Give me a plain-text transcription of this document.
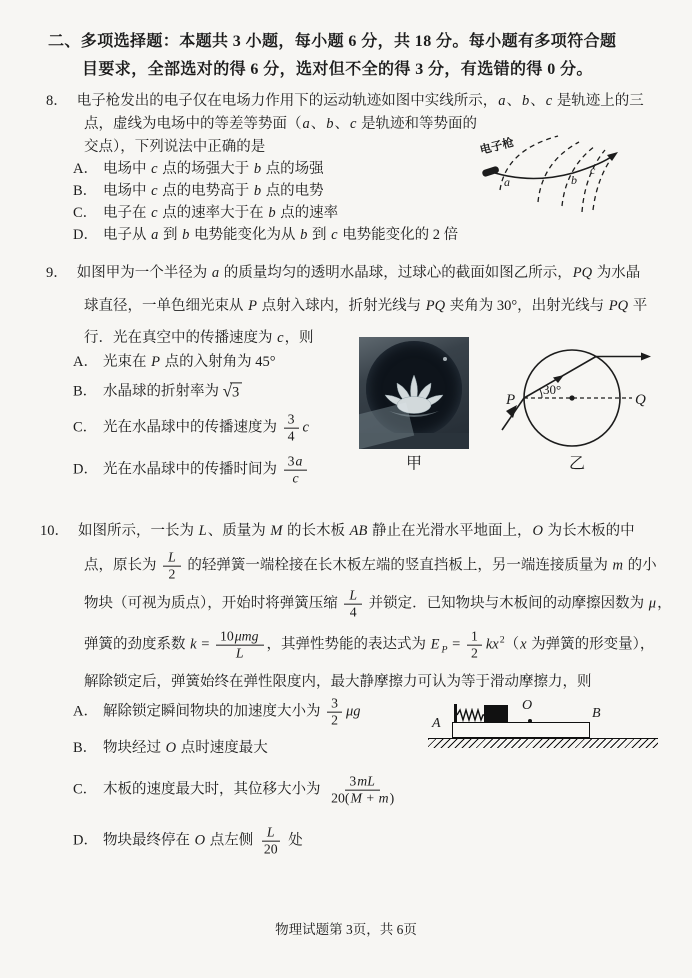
二、多项选择题：本题共 3 小题，每小题 6 分，共 18 分。每小题有多项符合题
目要求，全部选对的得 6 分，选对但不全的得 3 分，有选错的得 0 分。
8． 电子枪发出的电子仅在电场力作用下的运动轨迹如图中实线所示，a、b、c 是轨迹上的三
点，虚线为电场中的等差等势面（a、b、c 是轨迹和等势面的
交点），下列说法中正确的是
A． 电场中 c 点的场强大于 b 点的场强
B． 电场中 c 点的电势高于 b 点的电势
C． 电子在 c 点的速率大于在 b 点的速率
D． 电子从 a 到 b 电势能变化为从 b 到 c 电势能变化的 2 倍
电子枪
a	b
c
9． 如图甲为一个半径为 a 的质量均匀的透明水晶球，过球心的截面如图乙所示，PQ 为水晶
球直径，一单色细光束从 P 点射入球内，折射光线与 PQ 夹角为 30°，出射光线与 PQ 平
行．光在真空中的传播速度为 c，则
A． 光束在 P 点的入射角为 45°
B． 水晶球的折射率为 √ 3
C． 光在水晶球中的传播速度为 $\frac{3}{4}$ c
D． 光在水晶球中的传播时间为 $\frac{3a}{c}$	甲
30°
P	Q
乙
10． 如图所示，一长为 L、质量为 M 的长木板 AB 静止在光滑水平地面上，O 为长木板的中
点，原长为 $\frac{L}{2}$ 的轻弹簧一端栓接在长木板左端的竖直挡板上，另一端连接质量为 m 的小
物块（可视为质点），开始时将弹簧压缩 $\frac{L}{4}$ 并锁定．已知物块与木板间的动摩擦因数为 μ，
弹簧的劲度系数 $k = \frac{\text{10μmg}}{L}$ ，其弹性势能的表达式为 E $_P = \frac{1}{2} kx^2(x$ 为弹簧的形变量），
解除锁定后，弹簧始终在弹性限度内，最大静摩擦力可认为等于滑动摩擦力，则
A． 解除锁定瞬间物块的加速度大小为 $\frac{3}{2}$ μg
B． 物块经过 O 点时速度最大
C． 木板的速度最大时，其位移大小为 $\frac{3mL}{20(M + m)}$
D． 物块最终停在 O 点左侧 $\frac{L}{20}$ 处
A
O
B
物理试题第 3页，共 6页
